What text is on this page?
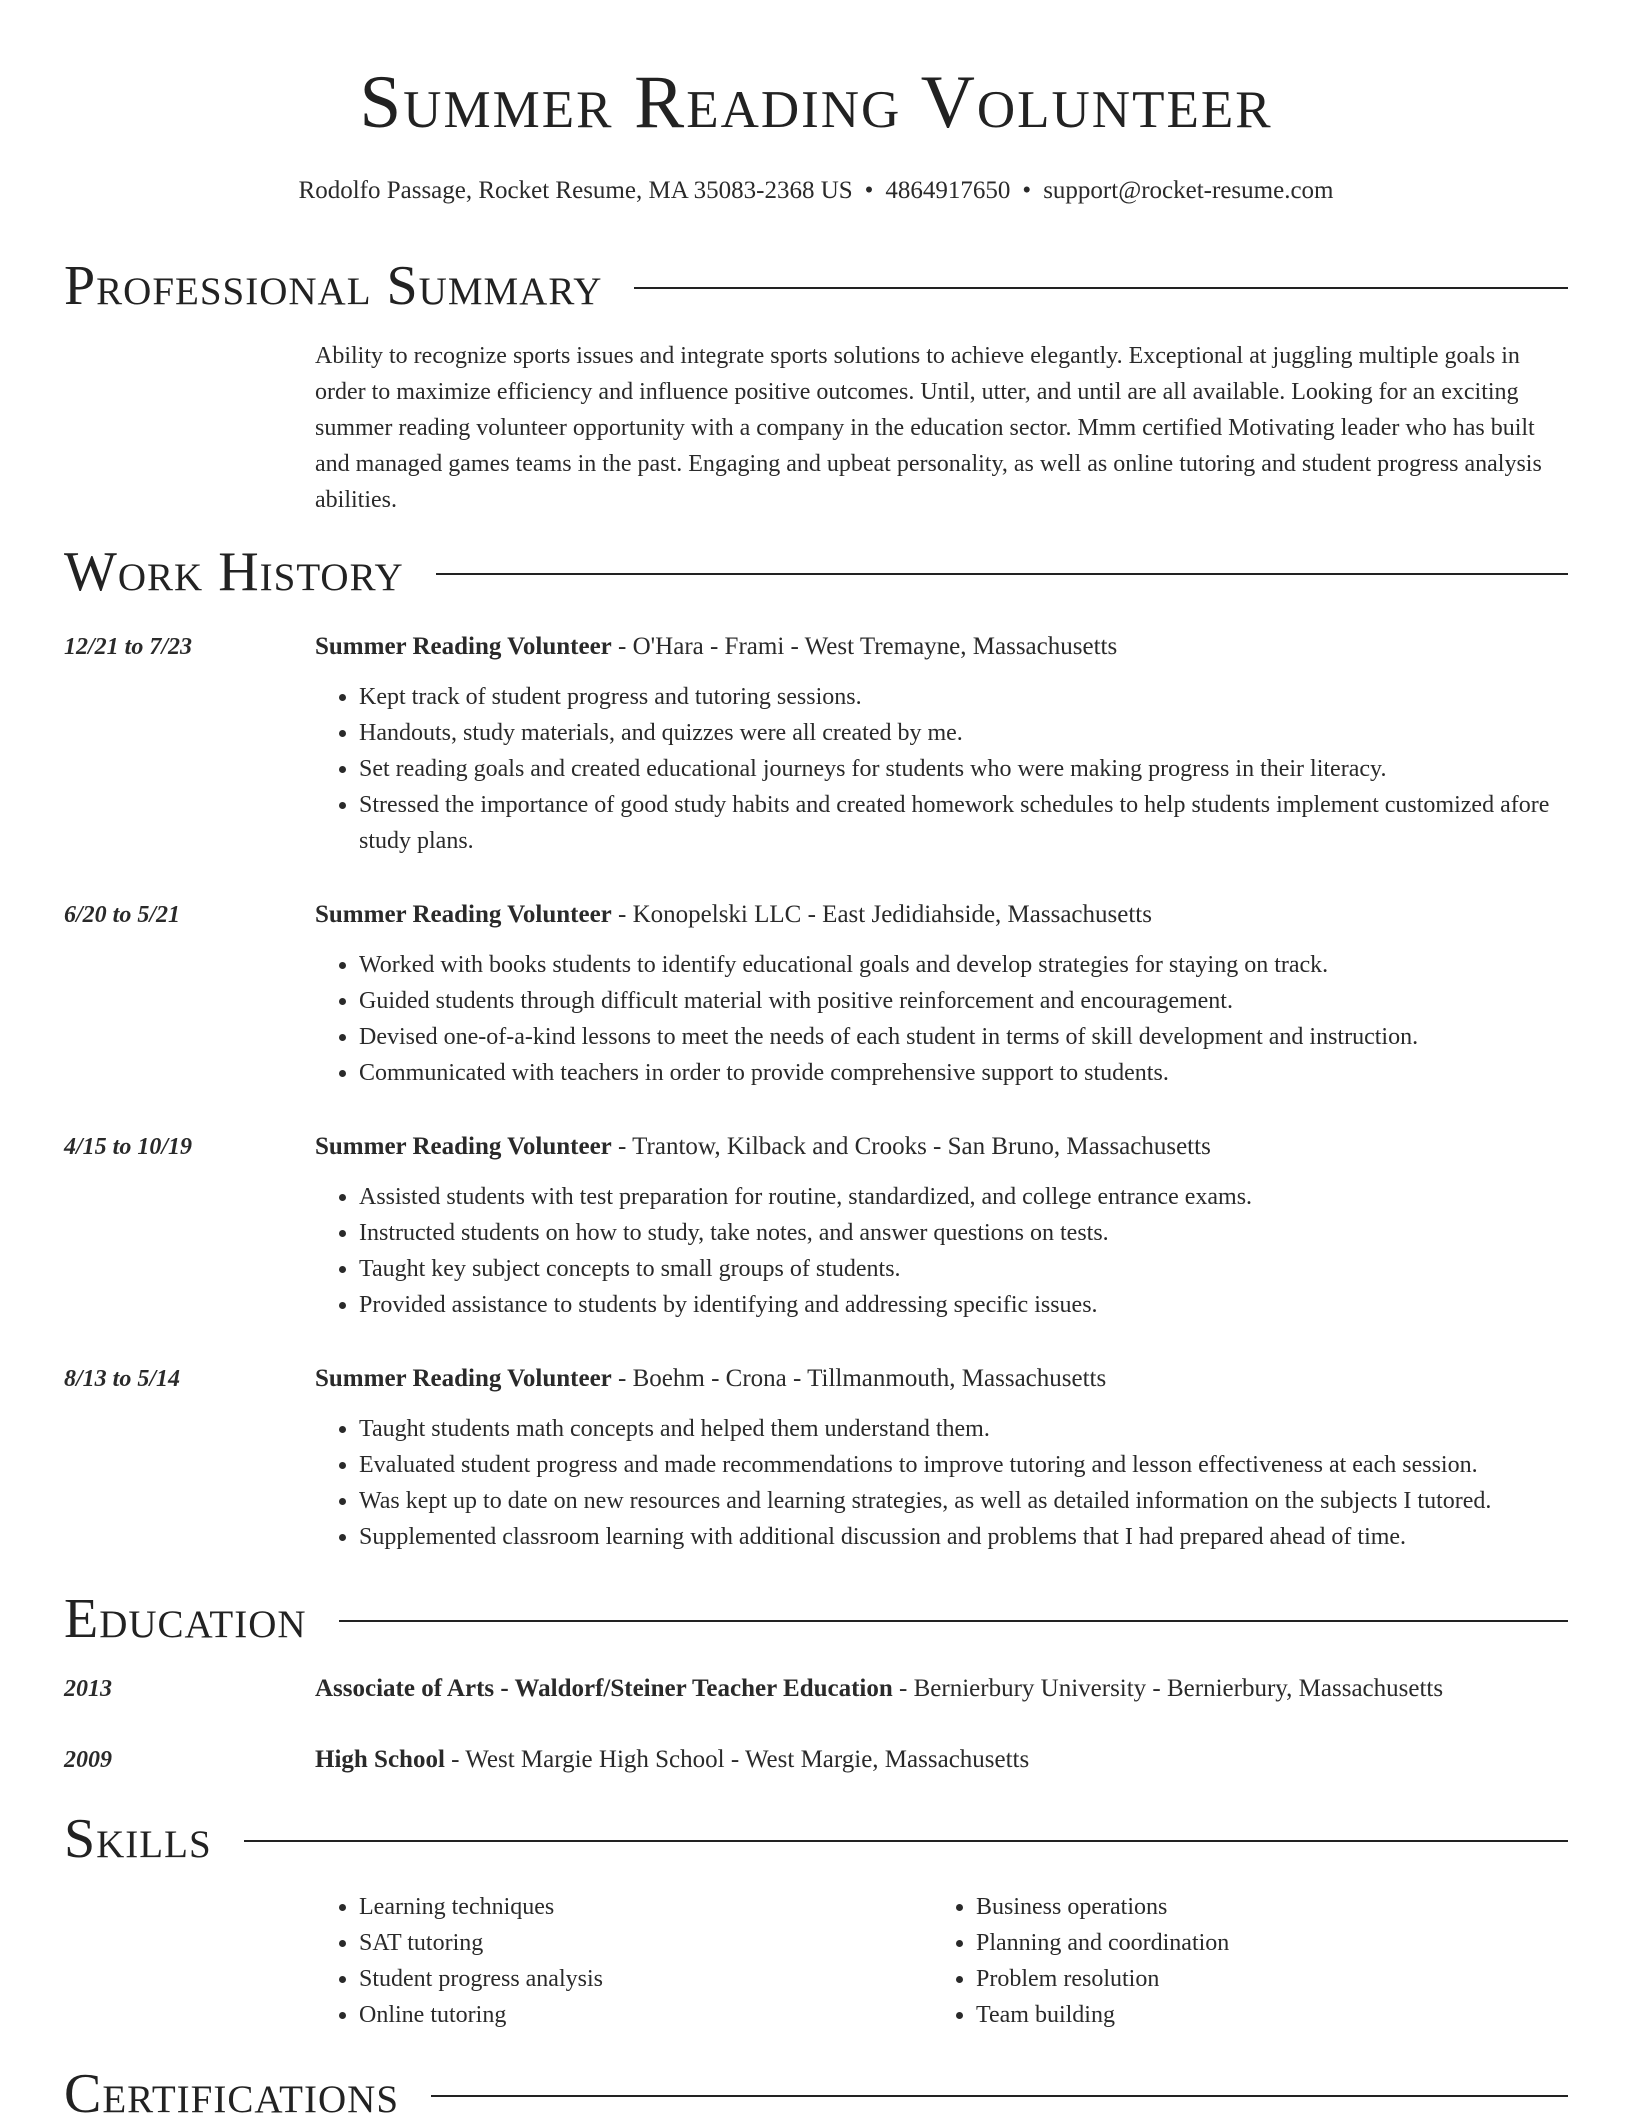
Summer Reading Volunteer
Rodolfo Passage, Rocket Resume, MA 35083-2368 US • 4864917650 • support@rocket-resume.com
Professional Summary
Ability to recognize sports issues and integrate sports solutions to achieve elegantly. Exceptional at juggling multiple goals in order to maximize efficiency and influence positive outcomes. Until, utter, and until are all available. Looking for an exciting summer reading volunteer opportunity with a company in the education sector. Mmm certified Motivating leader who has built and managed games teams in the past. Engaging and upbeat personality, as well as online tutoring and student progress analysis abilities.
Work History
12/21 to 7/23	Summer Reading Volunteer - O'Hara - Frami - West Tremayne, Massachusetts
• Kept track of student progress and tutoring sessions.
• Handouts, study materials, and quizzes were all created by me.
• Set reading goals and created educational journeys for students who were making progress in their literacy.
• Stressed the importance of good study habits and created homework schedules to help students implement customized afore study plans.
6/20 to 5/21	Summer Reading Volunteer - Konopelski LLC - East Jedidiahside, Massachusetts
• Worked with books students to identify educational goals and develop strategies for staying on track.
• Guided students through difficult material with positive reinforcement and encouragement.
• Devised one-of-a-kind lessons to meet the needs of each student in terms of skill development and instruction.
• Communicated with teachers in order to provide comprehensive support to students.
4/15 to 10/19	Summer Reading Volunteer - Trantow, Kilback and Crooks - San Bruno, Massachusetts
• Assisted students with test preparation for routine, standardized, and college entrance exams.
• Instructed students on how to study, take notes, and answer questions on tests.
• Taught key subject concepts to small groups of students.
• Provided assistance to students by identifying and addressing specific issues.
8/13 to 5/14	Summer Reading Volunteer - Boehm - Crona - Tillmanmouth, Massachusetts
• Taught students math concepts and helped them understand them.
• Evaluated student progress and made recommendations to improve tutoring and lesson effectiveness at each session.
• Was kept up to date on new resources and learning strategies, as well as detailed information on the subjects I tutored.
• Supplemented classroom learning with additional discussion and problems that I had prepared ahead of time.
Education
2013	Associate of Arts - Waldorf/Steiner Teacher Education - Bernierbury University - Bernierbury, Massachusetts
2009	High School - West Margie High School - West Margie, Massachusetts
Skills
• Learning techniques
• SAT tutoring
• Student progress analysis
• Online tutoring
• Business operations
• Planning and coordination
• Problem resolution
• Team building
Certifications
